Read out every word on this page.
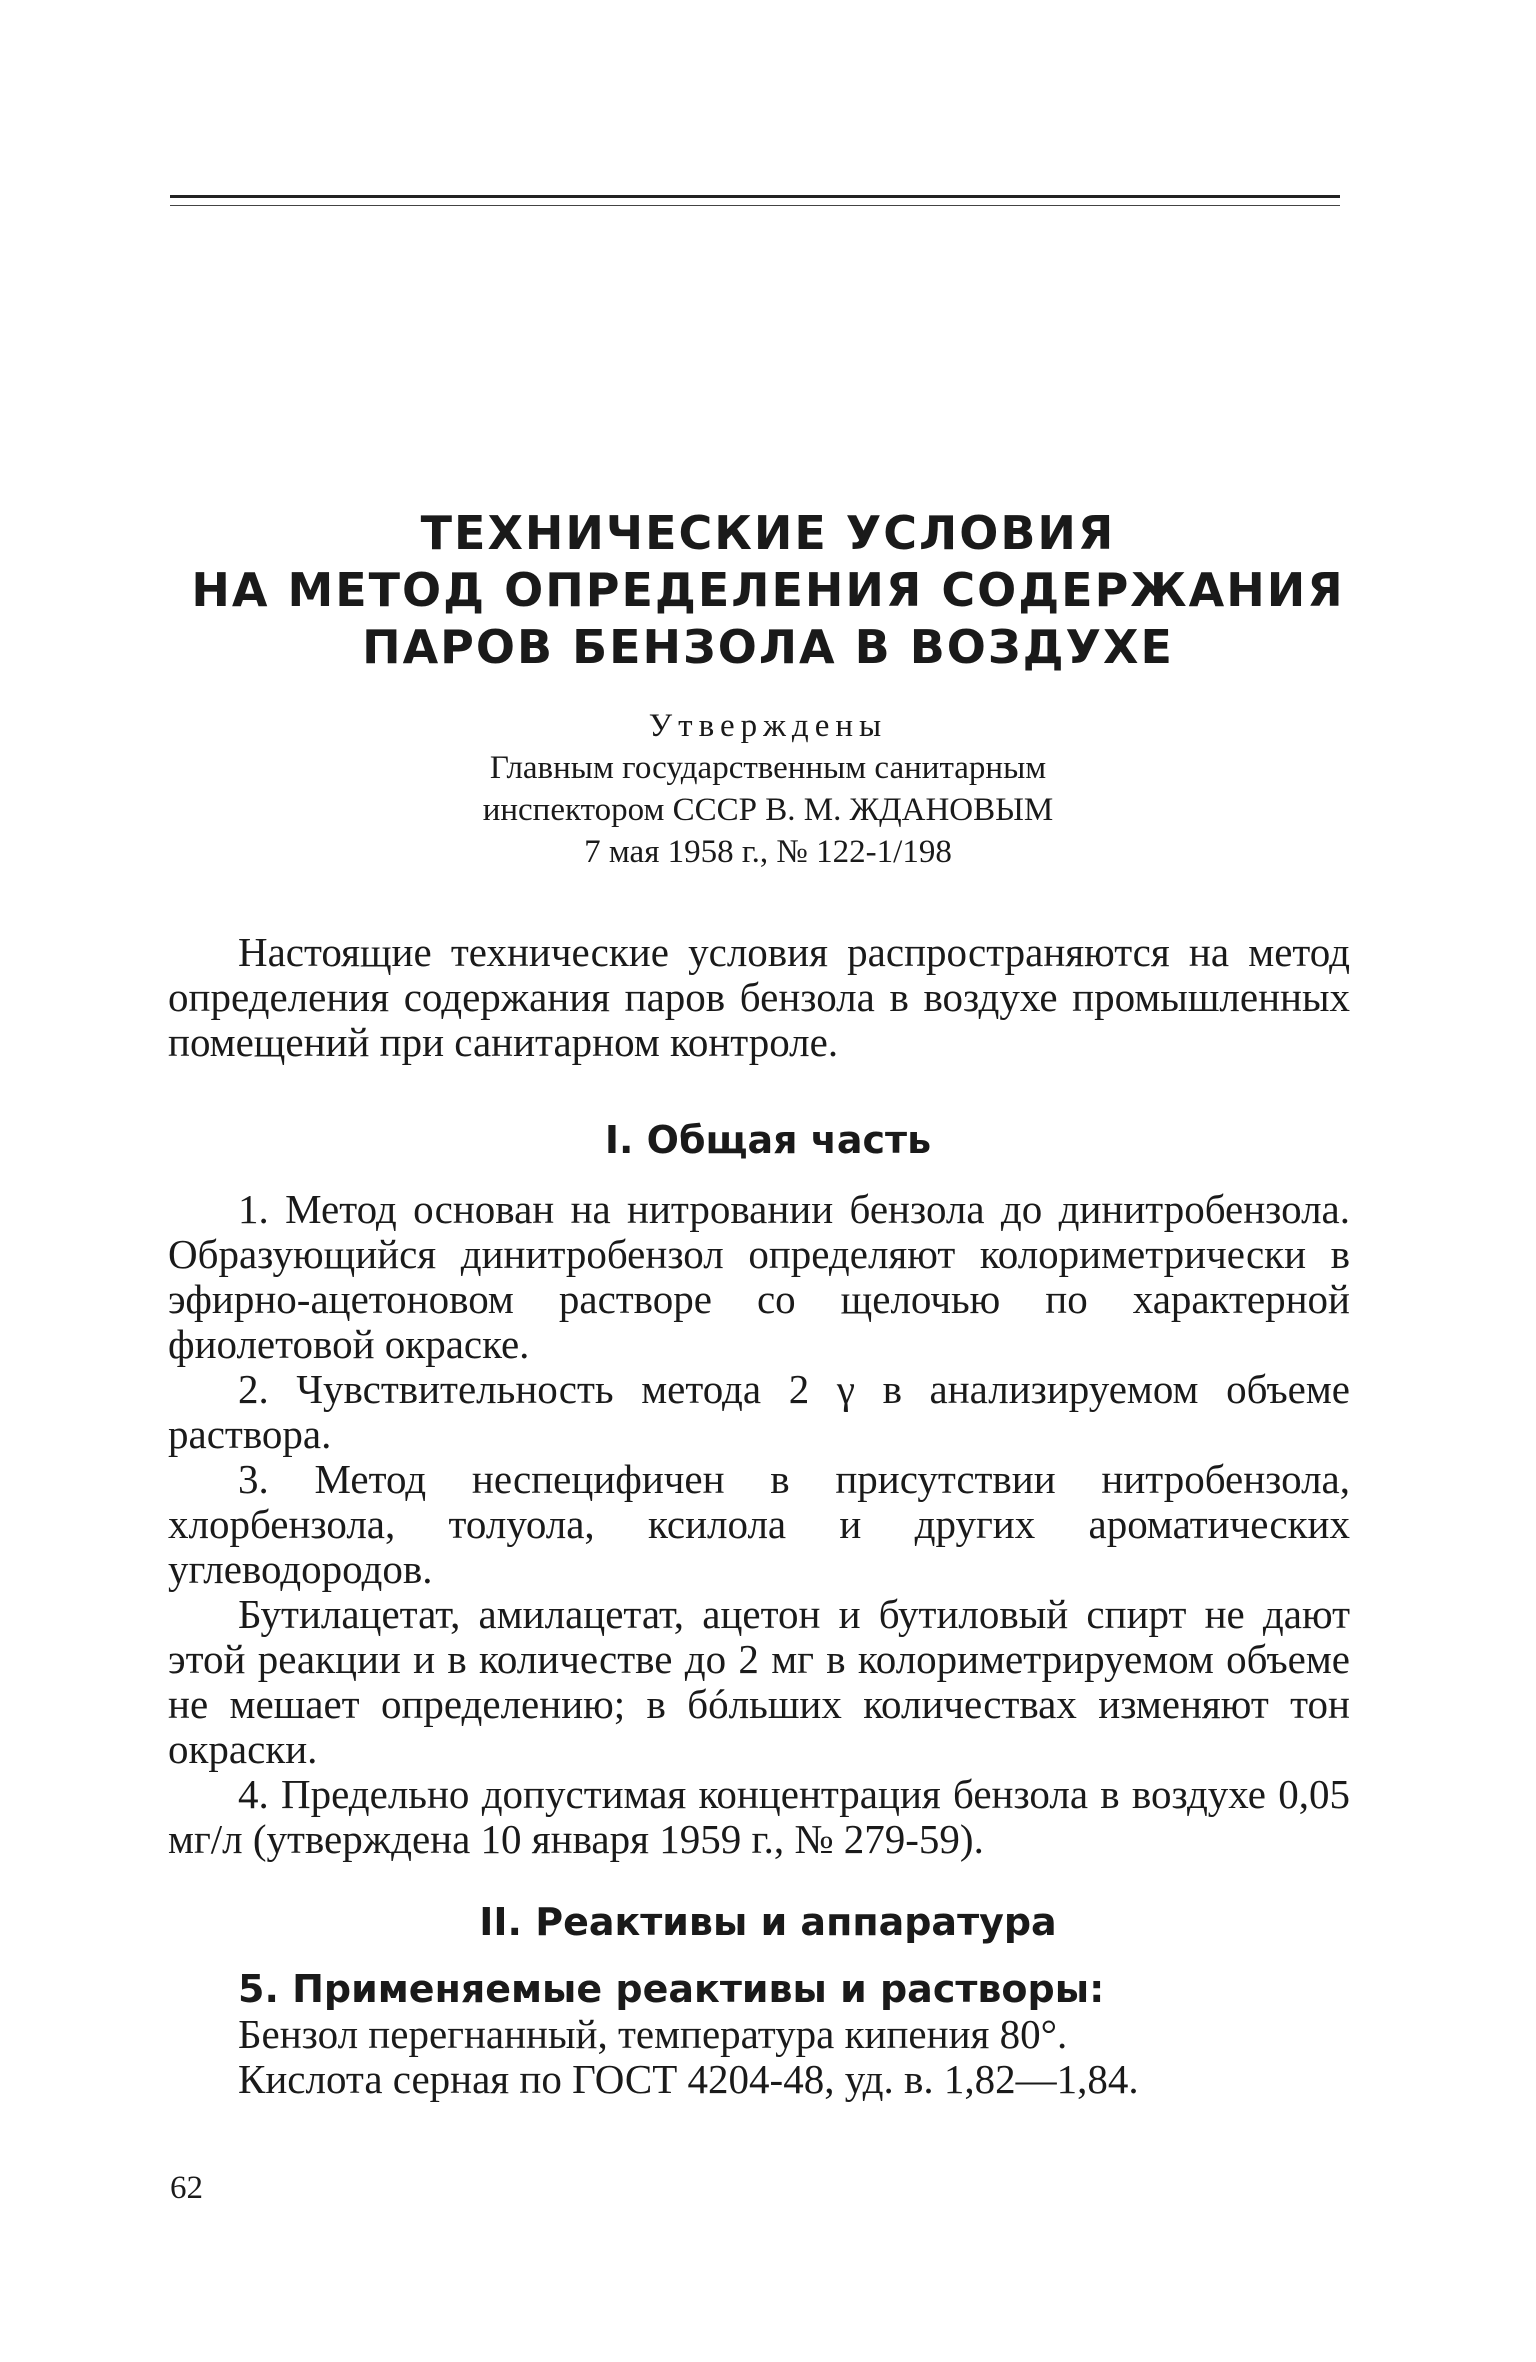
ТЕХНИЧЕСКИЕ УСЛОВИЯ
НА МЕТОД ОПРЕДЕЛЕНИЯ СОДЕРЖАНИЯ
ПАРОВ БЕНЗОЛА В ВОЗДУХЕ
Утверждены
Главным государственным санитарным
инспектором СССР В. М. ЖДАНОВЫМ
7 мая 1958 г., № 122-1/198

Настоящие технические условия распространяются на метод определения содержания паров бензола в воздухе промышленных помещений при санитарном контроле.

I. Общая часть

1. Метод основан на нитровании бензола до динитробензола. Образующийся динитробензол определяют колориметрически в эфирно-ацетоновом растворе со щелочью по характерной фиолетовой окраске.

2. Чувствительность метода 2 γ в анализируемом объеме раствора.

3. Метод неспецифичен в присутствии нитробензола, хлорбензола, толуола, ксилола и других ароматических углеводородов.

Бутилацетат, амилацетат, ацетон и бутиловый спирт не дают этой реакции и в количестве до 2 мг в колориметрируемом объеме не мешает определению; в бóльших количествах изменяют тон окраски.

4. Предельно допустимая концентрация бензола в воздухе 0,05 мг/л (утверждена 10 января 1959 г., № 279-59).

II. Реактивы и аппаратура

5. Применяемые реактивы и растворы:

Бензол перегнанный, температура кипения 80°.

Кислота серная по ГОСТ 4204-48, уд. в. 1,82—1,84.

62
